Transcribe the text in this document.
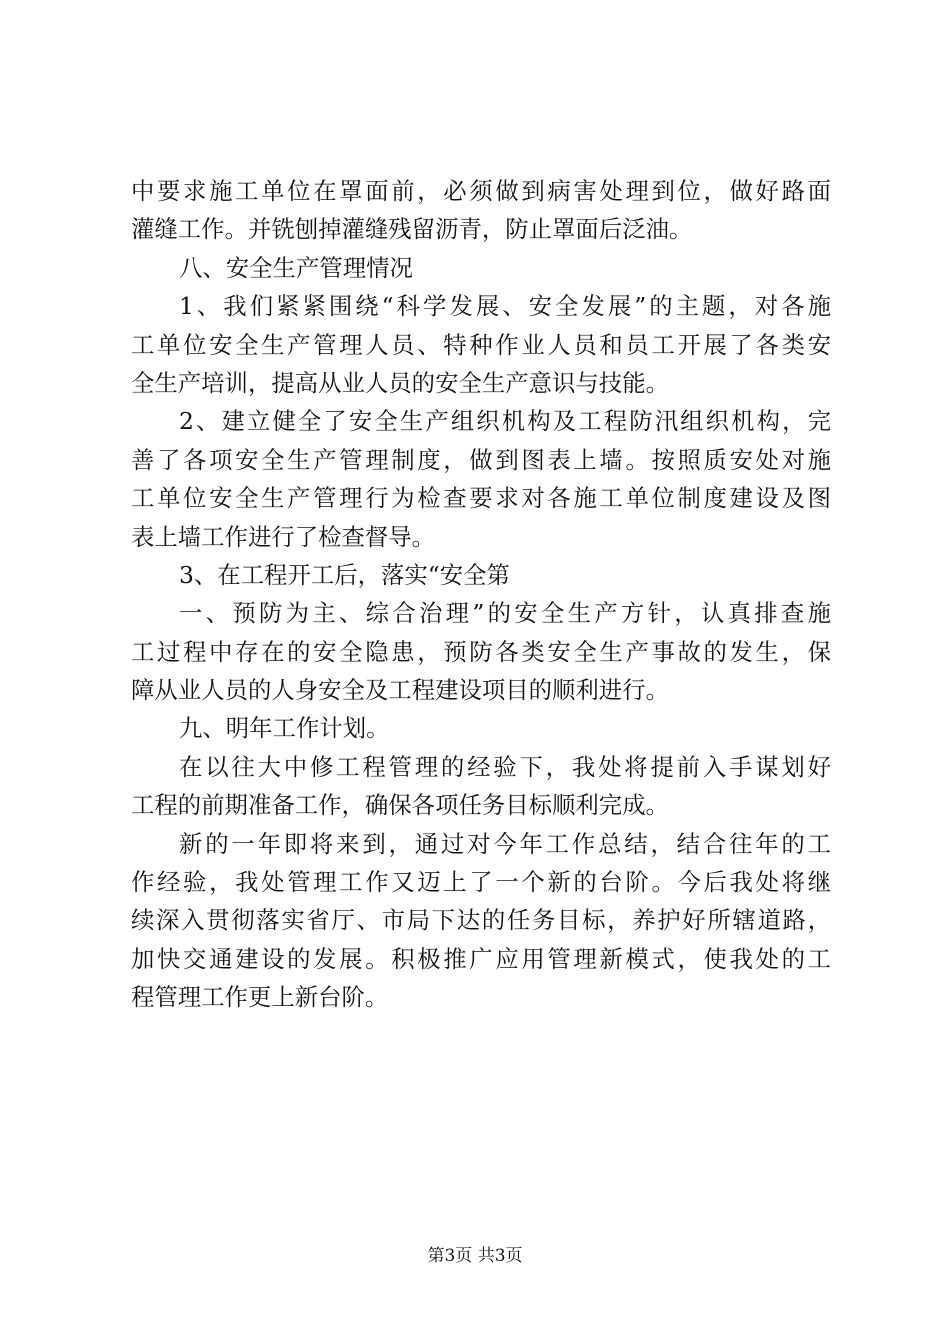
中要求施工单位在罩面前，必须做到病害处理到位，做好路面
灌缝工作。并铣刨掉灌缝残留沥青，防止罩面后泛油。
八、安全生产管理情况
1、我们紧紧围绕“科学发展、安全发展”的主题，对各施
工单位安全生产管理人员、特种作业人员和员工开展了各类安
全生产培训，提高从业人员的安全生产意识与技能。
2、建立健全了安全生产组织机构及工程防汛组织机构，完
善了各项安全生产管理制度，做到图表上墙。按照质安处对施
工单位安全生产管理行为检查要求对各施工单位制度建设及图
表上墙工作进行了检查督导。
3、在工程开工后，落实“安全第
一、预防为主、综合治理”的安全生产方针，认真排查施
工过程中存在的安全隐患，预防各类安全生产事故的发生，保
障从业人员的人身安全及工程建设项目的顺利进行。
九、明年工作计划。
在以往大中修工程管理的经验下，我处将提前入手谋划好
工程的前期准备工作，确保各项任务目标顺利完成。
新的一年即将来到，通过对今年工作总结，结合往年的工
作经验，我处管理工作又迈上了一个新的台阶。今后我处将继
续深入贯彻落实省厅、市局下达的任务目标，养护好所辖道路，
加快交通建设的发展。积极推广应用管理新模式，使我处的工
程管理工作更上新台阶。
第3页 共3页
